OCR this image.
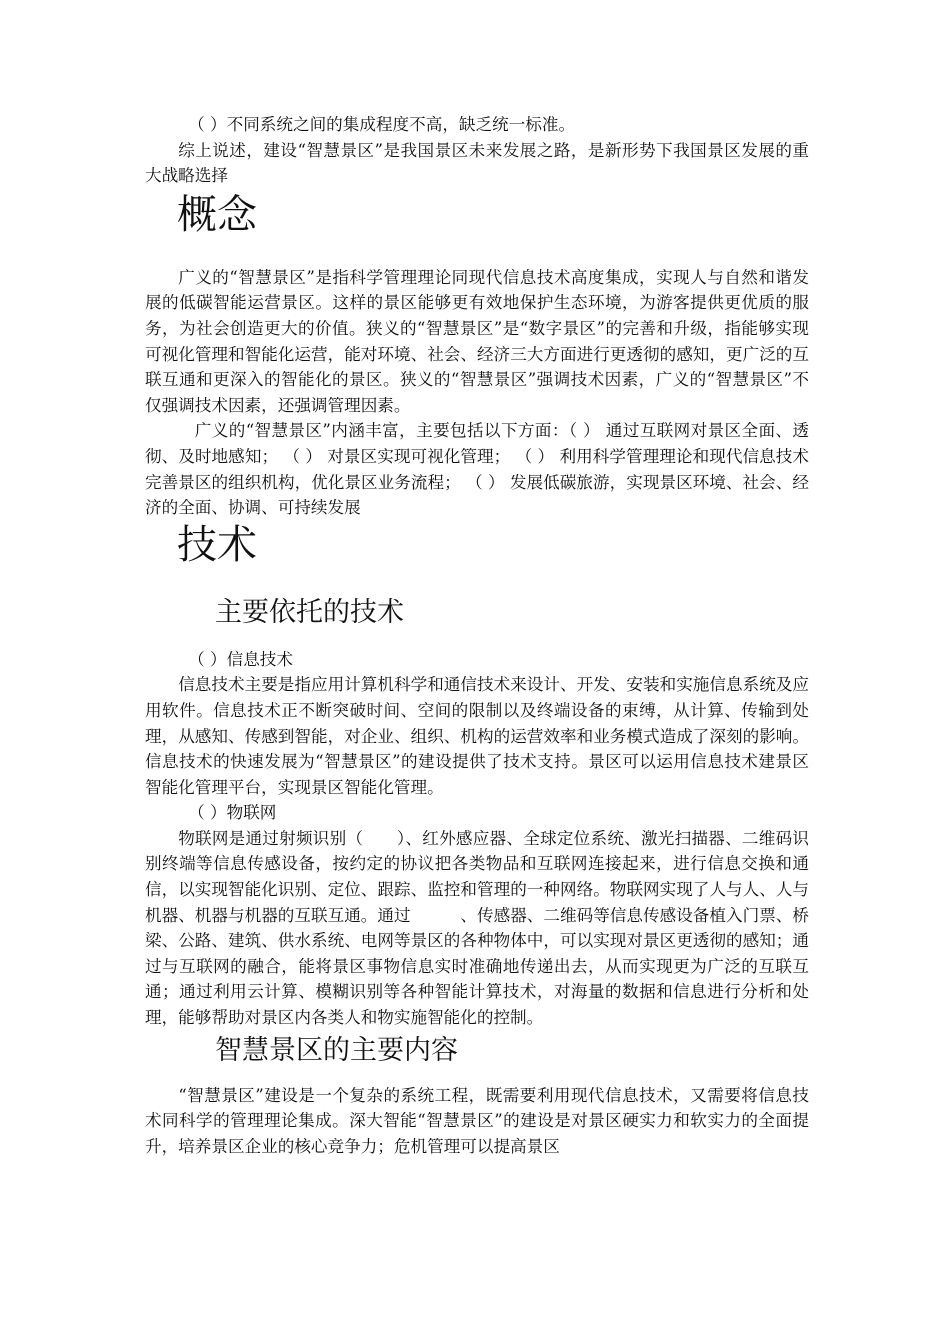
（ ）不同系统之间的集成程度不高，缺乏统一标准。

综上说述，建设“智慧景区”是我国景区未来发展之路，是新形势下我国景区发展的重大战略选择

概念

广义的“智慧景区”是指科学管理理论同现代信息技术高度集成，实现人与自然和谐发展的低碳智能运营景区。这样的景区能够更有效地保护生态环境，为游客提供更优质的服务，为社会创造更大的价值。狭义的“智慧景区”是“数字景区”的完善和升级，指能够实现可视化管理和智能化运营，能对环境、社会、经济三大方面进行更透彻的感知，更广泛的互联互通和更深入的智能化的景区。狭义的“智慧景区”强调技术因素，广义的“智慧景区”不仅强调技术因素，还强调管理因素。

广义的“智慧景区”内涵丰富，主要包括以下方面：（ ） 通过互联网对景区全面、透彻、及时地感知； （ ） 对景区实现可视化管理； （ ） 利用科学管理理论和现代信息技术完善景区的组织机构，优化景区业务流程； （ ） 发展低碳旅游，实现景区环境、社会、经济的全面、协调、可持续发展

技术
主要依托的技术

（ ）信息技术

信息技术主要是指应用计算机科学和通信技术来设计、开发、安装和实施信息系统及应用软件。信息技术正不断突破时间、空间的限制以及终端设备的束缚，从计算、传输到处理，从感知、传感到智能，对企业、组织、机构的运营效率和业务模式造成了深刻的影响。信息技术的快速发展为“智慧景区”的建设提供了技术支持。景区可以运用信息技术建景区智能化管理平台，实现景区智能化管理。

（ ）物联网

物联网是通过射频识别（　　）、红外感应器、全球定位系统、激光扫描器、二维码识别终端等信息传感设备，按约定的协议把各类物品和互联网连接起来，进行信息交换和通信，以实现智能化识别、定位、跟踪、监控和管理的一种网络。物联网实现了人与人、人与机器、机器与机器的互联互通。通过　　　、传感器、二维码等信息传感设备植入门票、桥梁、公路、建筑、供水系统、电网等景区的各种物体中，可以实现对景区更透彻的感知；通过与互联网的融合，能将景区事物信息实时准确地传递出去，从而实现更为广泛的互联互通；通过利用云计算、模糊识别等各种智能计算技术，对海量的数据和信息进行分析和处理，能够帮助对景区内各类人和物实施智能化的控制。

智慧景区的主要内容

“智慧景区”建设是一个复杂的系统工程，既需要利用现代信息技术，又需要将信息技术同科学的管理理论集成。深大智能“智慧景区”的建设是对景区硬实力和软实力的全面提升，培养景区企业的核心竞争力；危机管理可以提高景区
